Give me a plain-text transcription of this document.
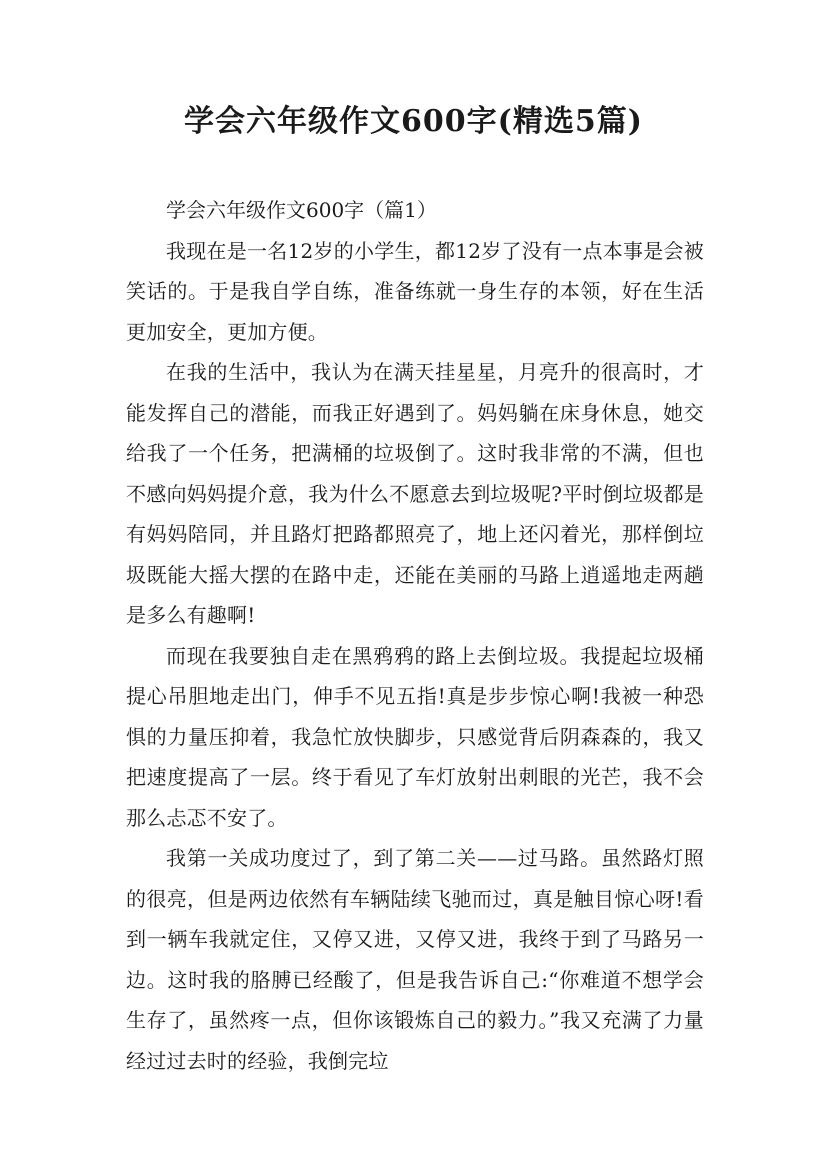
学会六年级作文600字(精选5篇)

学会六年级作文600字（篇1）

我现在是一名12岁的小学生，都12岁了没有一点本事是会被笑话的。于是我自学自练，准备练就一身生存的本领，好在生活更加安全，更加方便。

在我的生活中，我认为在满天挂星星，月亮升的很高时，才能发挥自己的潜能，而我正好遇到了。妈妈躺在床身休息，她交给我了一个任务，把满桶的垃圾倒了。这时我非常的不满，但也不感向妈妈提介意，我为什么不愿意去到垃圾呢?平时倒垃圾都是有妈妈陪同，并且路灯把路都照亮了，地上还闪着光，那样倒垃圾既能大摇大摆的在路中走，还能在美丽的马路上逍遥地走两趟是多么有趣啊!

而现在我要独自走在黑鸦鸦的路上去倒垃圾。我提起垃圾桶提心吊胆地走出门，伸手不见五指!真是步步惊心啊!我被一种恐惧的力量压抑着，我急忙放快脚步，只感觉背后阴森森的，我又把速度提高了一层。终于看见了车灯放射出刺眼的光芒，我不会那么忐忑不安了。

我第一关成功度过了，到了第二关——过马路。虽然路灯照的很亮，但是两边依然有车辆陆续飞驰而过，真是触目惊心呀!看到一辆车我就定住，又停又进，又停又进，我终于到了马路另一边。这时我的胳膊已经酸了，但是我告诉自己:“你难道不想学会生存了，虽然疼一点，但你该锻炼自己的毅力。”我又充满了力量经过过去时的经验，我倒完垃
